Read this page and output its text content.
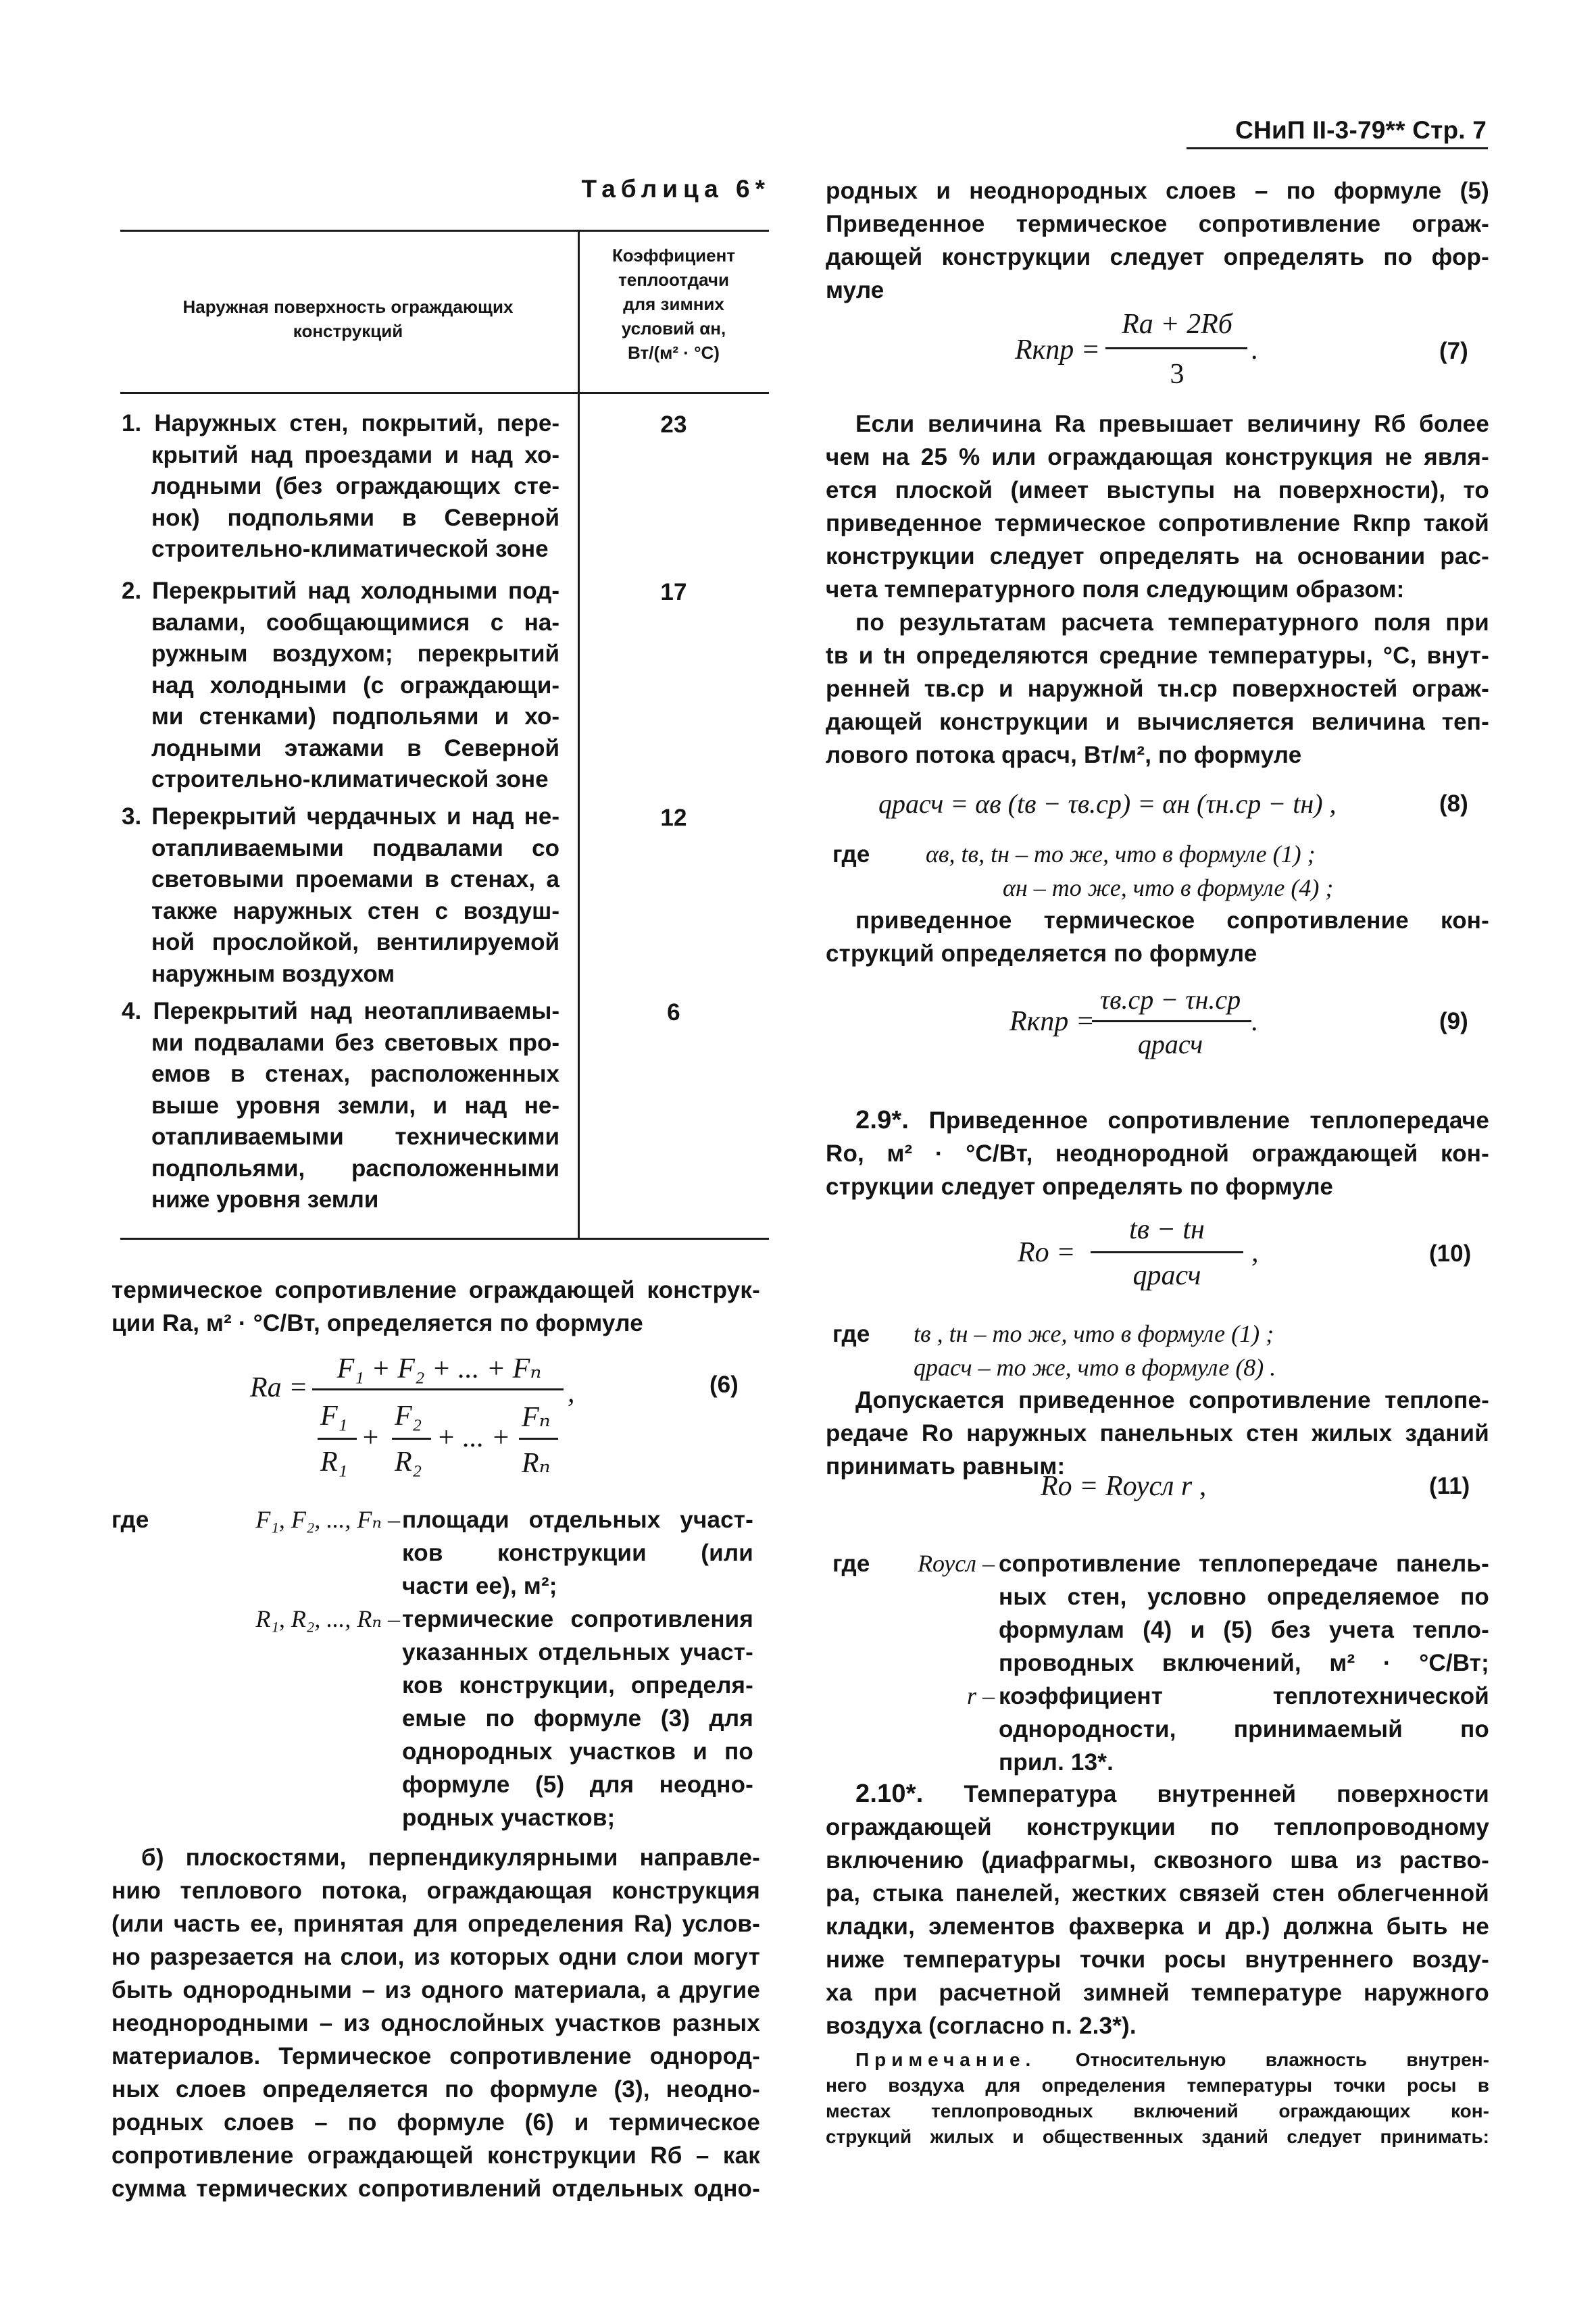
СНиП II-3-79** Стр. 7
Таблица 6*
Наружная поверхность ограждающих конструкций
Коэффициент
теплоотдачи
для зимних
условий αн,
Вт/(м² · °С)
1. Наружных стен, покрытий, пере-
крытий над проездами и над хо-
лодными (без ограждающих сте-
нок) подпольями в Северной
строительно-климатической зоне
23
2. Перекрытий над холодными под-
валами, сообщающимися с на-
ружным воздухом; перекрытий
над холодными (с ограждающи-
ми стенками) подпольями и хо-
лодными этажами в Северной
строительно-климатической зоне
17
3. Перекрытий чердачных и над не-
отапливаемыми подвалами со
световыми проемами в стенах, а
также наружных стен с воздуш-
ной прослойкой, вентилируемой
наружным воздухом
12
4. Перекрытий над неотапливаемы-
ми подвалами без световых про-
емов в стенах, расположенных
выше уровня земли, и над не-
отапливаемыми техническими
подпольями, расположенными
ниже уровня земли
6
термическое сопротивление ограждающей конструк-
ции Rа, м² · °С/Вт, определяется по формуле
Rа =
F₁ + F₂ + ... + Fₙ
F₁
R₁
+
F₂
R₂
+ ... +
Fₙ
Rₙ
,	(6)
где	F₁, F₂, ..., Fₙ – площади отдельных участ-
ков конструкции (или
части ее), м²;
R₁, R₂, ..., Rₙ – термические сопротивления
указанных отдельных участ-
ков конструкции, определя-
емые по формуле (3) для
однородных участков и по
формуле (5) для неодно-
родных участков;
б) плоскостями, перпендикулярными направле-
нию теплового потока, ограждающая конструкция
(или часть ее, принятая для определения Rа) услов-
но разрезается на слои, из которых одни слои могут
быть однородными – из одного материала, а другие
неоднородными – из однослойных участков разных
материалов. Термическое сопротивление однород-
ных слоев определяется по формуле (3), неодно-
родных слоев – по формуле (6) и термическое
сопротивление ограждающей конструкции Rб – как
сумма термических сопротивлений отдельных одно-
родных и неоднородных слоев – по формуле (5)
Приведенное термическое сопротивление ограж-
дающей конструкции следует определять по фор-
муле
Rкпр =
Rа + 2Rб
3
.	(7)
Если величина Rа превышает величину Rб более
чем на 25 % или ограждающая конструкция не явля-
ется плоской (имеет выступы на поверхности), то
приведенное термическое сопротивление Rкпр такой
конструкции следует определять на основании рас-
чета температурного поля следующим образом:
по результатам расчета температурного поля при
tв и tн определяются средние температуры, °С, внут-
ренней τв.ср и наружной τн.ср поверхностей ограж-
дающей конструкции и вычисляется величина теп-
лового потока qрасч, Вт/м², по формуле
qрасч = αв (tв − τв.ср) = αн (τн.ср − tн) ,	(8)
где αв, tв, tн – то же, что в формуле (1) ;
αн – то же, что в формуле (4) ;
приведенное термическое сопротивление кон-
струкций определяется по формуле
Rкпр =
τв.ср − τн.ср
qрасч
.	(9)
2.9*. Приведенное сопротивление теплопередаче
Rо, м² · °С/Вт, неоднородной ограждающей кон-
струкции следует определять по формуле
Rо =
tв − tн
qрасч
,	(10)
где tв , tн – то же, что в формуле (1) ;
qрасч – то же, что в формуле (8) .
Допускается приведенное сопротивление теплопе-
редаче Rо наружных панельных стен жилых зданий
принимать равным:
Rо = Rоусл r ,	(11)
где	Rоусл – сопротивление теплопередаче панель-
ных стен, условно определяемое по
формулам (4) и (5) без учета тепло-
проводных включений, м² · °С/Вт;
r – коэффициент теплотехнической
однородности, принимаемый по
прил. 13*.
2.10*. Температура внутренней поверхности
ограждающей конструкции по теплопроводному
включению (диафрагмы, сквозного шва из раство-
ра, стыка панелей, жестких связей стен облегченной
кладки, элементов фахверка и др.) должна быть не
ниже температуры точки росы внутреннего возду-
ха при расчетной зимней температуре наружного
воздуха (согласно п. 2.3*).
Примечание. Относительную влажность внутрен-
него воздуха для определения температуры точки росы в
местах теплопроводных включений ограждающих кон-
струкций жилых и общественных зданий следует принимать:
